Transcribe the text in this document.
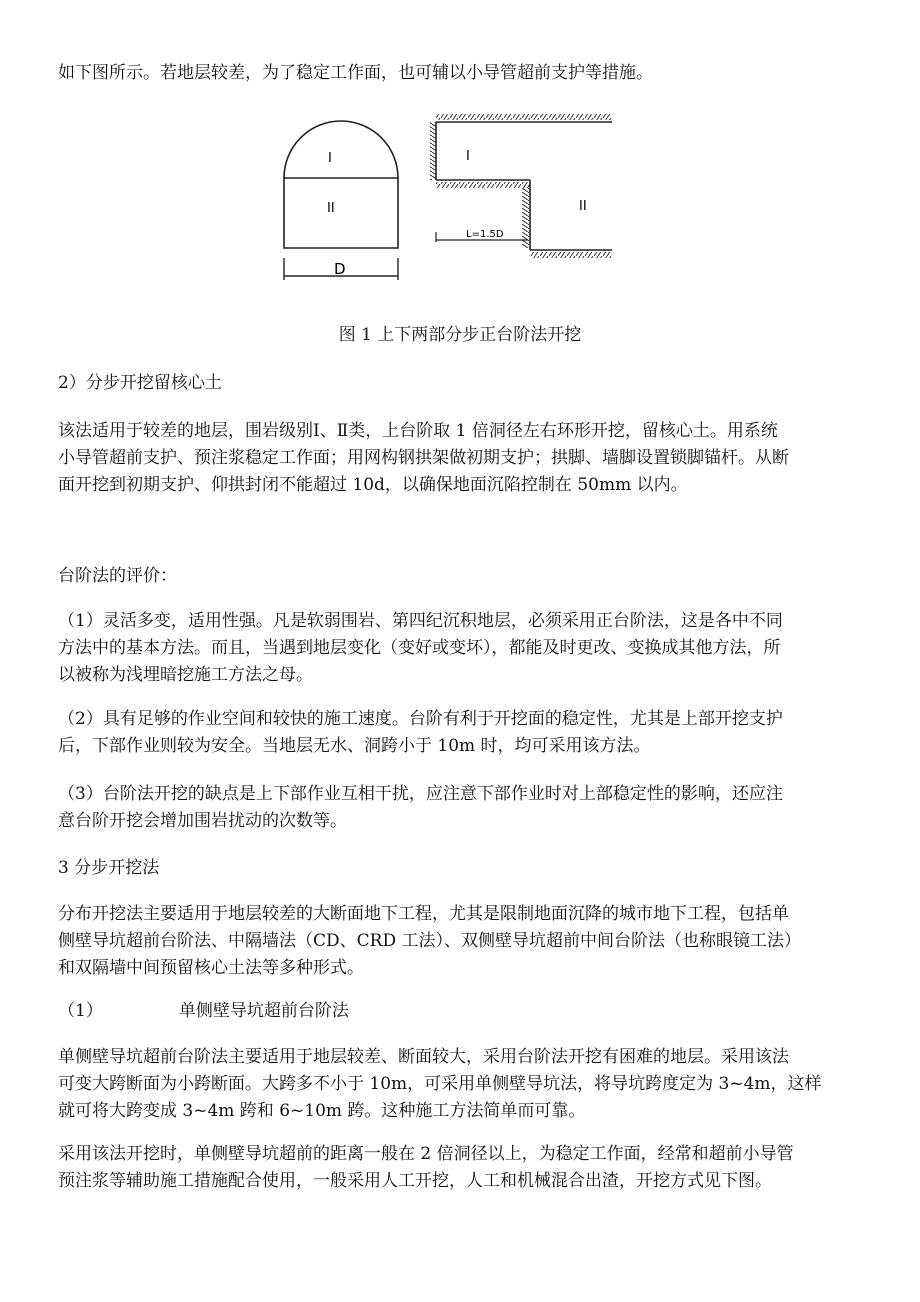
如下图所示。若地层较差，为了稳定工作面，也可辅以小导管超前支护等措施。

I
II
D
I
II
L=1.5D
图 1 上下两部分步正台阶法开挖

2）分步开挖留核心土

该法适用于较差的地层，围岩级别Ⅰ、Ⅱ类，上台阶取 1 倍洞径左右环形开挖，留核心土。用系统
小导管超前支护、预注浆稳定工作面；用网构钢拱架做初期支护；拱脚、墙脚设置锁脚锚杆。从断
面开挖到初期支护、仰拱封闭不能超过 10d，以确保地面沉陷控制在 50mm 以内。

台阶法的评价：

（1）灵活多变，适用性强。凡是软弱围岩、第四纪沉积地层，必须采用正台阶法，这是各中不同
方法中的基本方法。而且，当遇到地层变化（变好或变坏），都能及时更改、变换成其他方法，所
以被称为浅埋暗挖施工方法之母。

（2）具有足够的作业空间和较快的施工速度。台阶有利于开挖面的稳定性，尤其是上部开挖支护
后，下部作业则较为安全。当地层无水、洞跨小于 10m 时，均可采用该方法。

（3）台阶法开挖的缺点是上下部作业互相干扰，应注意下部作业时对上部稳定性的影响，还应注
意台阶开挖会增加围岩扰动的次数等。

3 分步开挖法

分布开挖法主要适用于地层较差的大断面地下工程，尤其是限制地面沉降的城市地下工程，包括单
侧壁导坑超前台阶法、中隔墙法（CD、CRD 工法）、双侧壁导坑超前中间台阶法（也称眼镜工法）
和双隔墙中间预留核心土法等多种形式。

（1）	单侧壁导坑超前台阶法

单侧壁导坑超前台阶法主要适用于地层较差、断面较大，采用台阶法开挖有困难的地层。采用该法
可变大跨断面为小跨断面。大跨多不小于 10m，可采用单侧壁导坑法，将导坑跨度定为 3~4m，这样
就可将大跨变成 3~4m 跨和 6~10m 跨。这种施工方法简单而可靠。

采用该法开挖时，单侧壁导坑超前的距离一般在 2 倍洞径以上，为稳定工作面，经常和超前小导管
预注浆等辅助施工措施配合使用，一般采用人工开挖，人工和机械混合出渣，开挖方式见下图。
